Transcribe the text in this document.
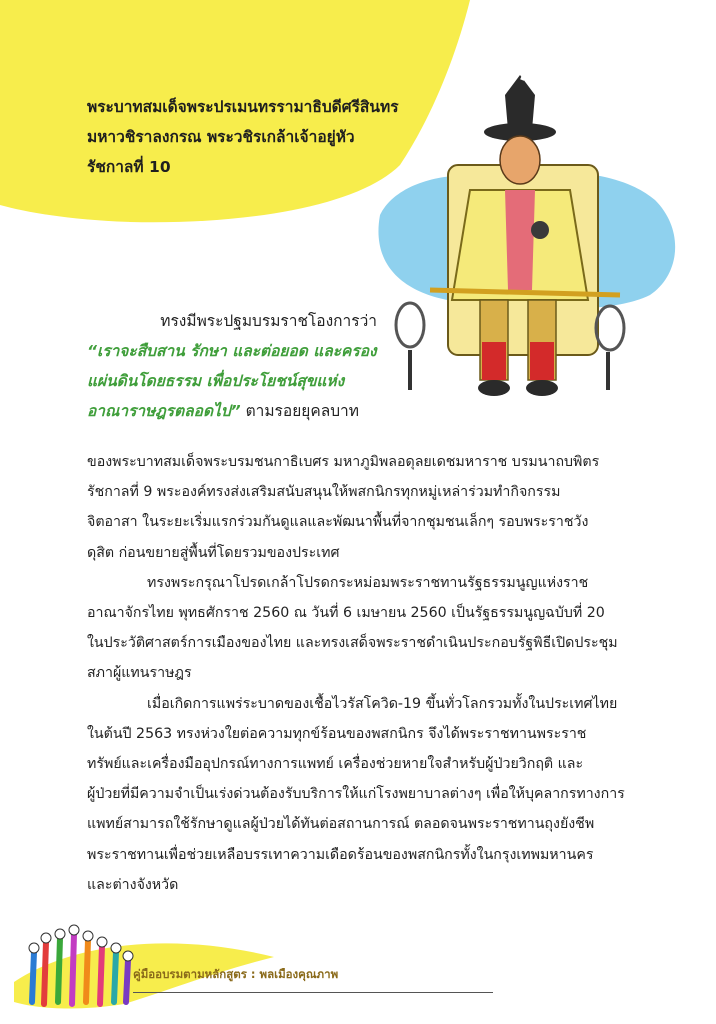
พระบาทสมเด็จพระปรเมนทรรามาธิบดีศรีสินทร
มหาวชิราลงกรณ พระวชิรเกล้าเจ้าอยู่หัว
รัชกาลที่ 10
ทรงมีพระปฐมบรมราชโองการว่า
“เราจะสืบสาน รักษา และต่อยอด และครอง
แผ่นดินโดยธรรม เพื่อประโยชน์สุขแห่ง
อาณาราษฎรตลอดไป” ตามรอยยุคลบาท

ของพระบาทสมเด็จพระบรมชนกาธิเบศร มหาภูมิพลอดุลยเดชมหาราช บรมนาถบพิตร
รัชกาลที่ 9 พระองค์ทรงส่งเสริมสนับสนุนให้พสกนิกรทุกหมู่เหล่าร่วมทำกิจกรรม
จิตอาสา ในระยะเริ่มแรกร่วมกันดูแลและพัฒนาพื้นที่จากชุมชนเล็กๆ รอบพระราชวัง
ดุสิต ก่อนขยายสู่พื้นที่โดยรวมของประเทศ

ทรงพระกรุณาโปรดเกล้าโปรดกระหม่อมพระราชทานรัฐธรรมนูญแห่งราช
อาณาจักรไทย พุทธศักราช 2560 ณ วันที่ 6 เมษายน 2560 เป็นรัฐธรรมนูญฉบับที่ 20
ในประวัติศาสตร์การเมืองของไทย และทรงเสด็จพระราชดำเนินประกอบรัฐพิธีเปิดประชุม
สภาผู้แทนราษฎร

เมื่อเกิดการแพร่ระบาดของเชื้อไวรัสโควิด-19 ขึ้นทั่วโลกรวมทั้งในประเทศไทย
ในต้นปี 2563 ทรงห่วงใยต่อความทุกข์ร้อนของพสกนิกร จึงได้พระราชทานพระราช
ทรัพย์และเครื่องมืออุปกรณ์ทางการแพทย์ เครื่องช่วยหายใจสำหรับผู้ป่วยวิกฤติ และ
ผู้ป่วยที่มีความจำเป็นเร่งด่วนต้องรับบริการให้แก่โรงพยาบาลต่างๆ เพื่อให้บุคลากรทางการ
แพทย์สามารถใช้รักษาดูแลผู้ป่วยได้ทันต่อสถานการณ์ ตลอดจนพระราชทานถุงยังชีพ
พระราชทานเพื่อช่วยเหลือบรรเทาความเดือดร้อนของพสกนิกรทั้งในกรุงเทพมหานคร
และต่างจังหวัด

คู่มืออบรมตามหลักสูตร : พลเมืองคุณภาพ
